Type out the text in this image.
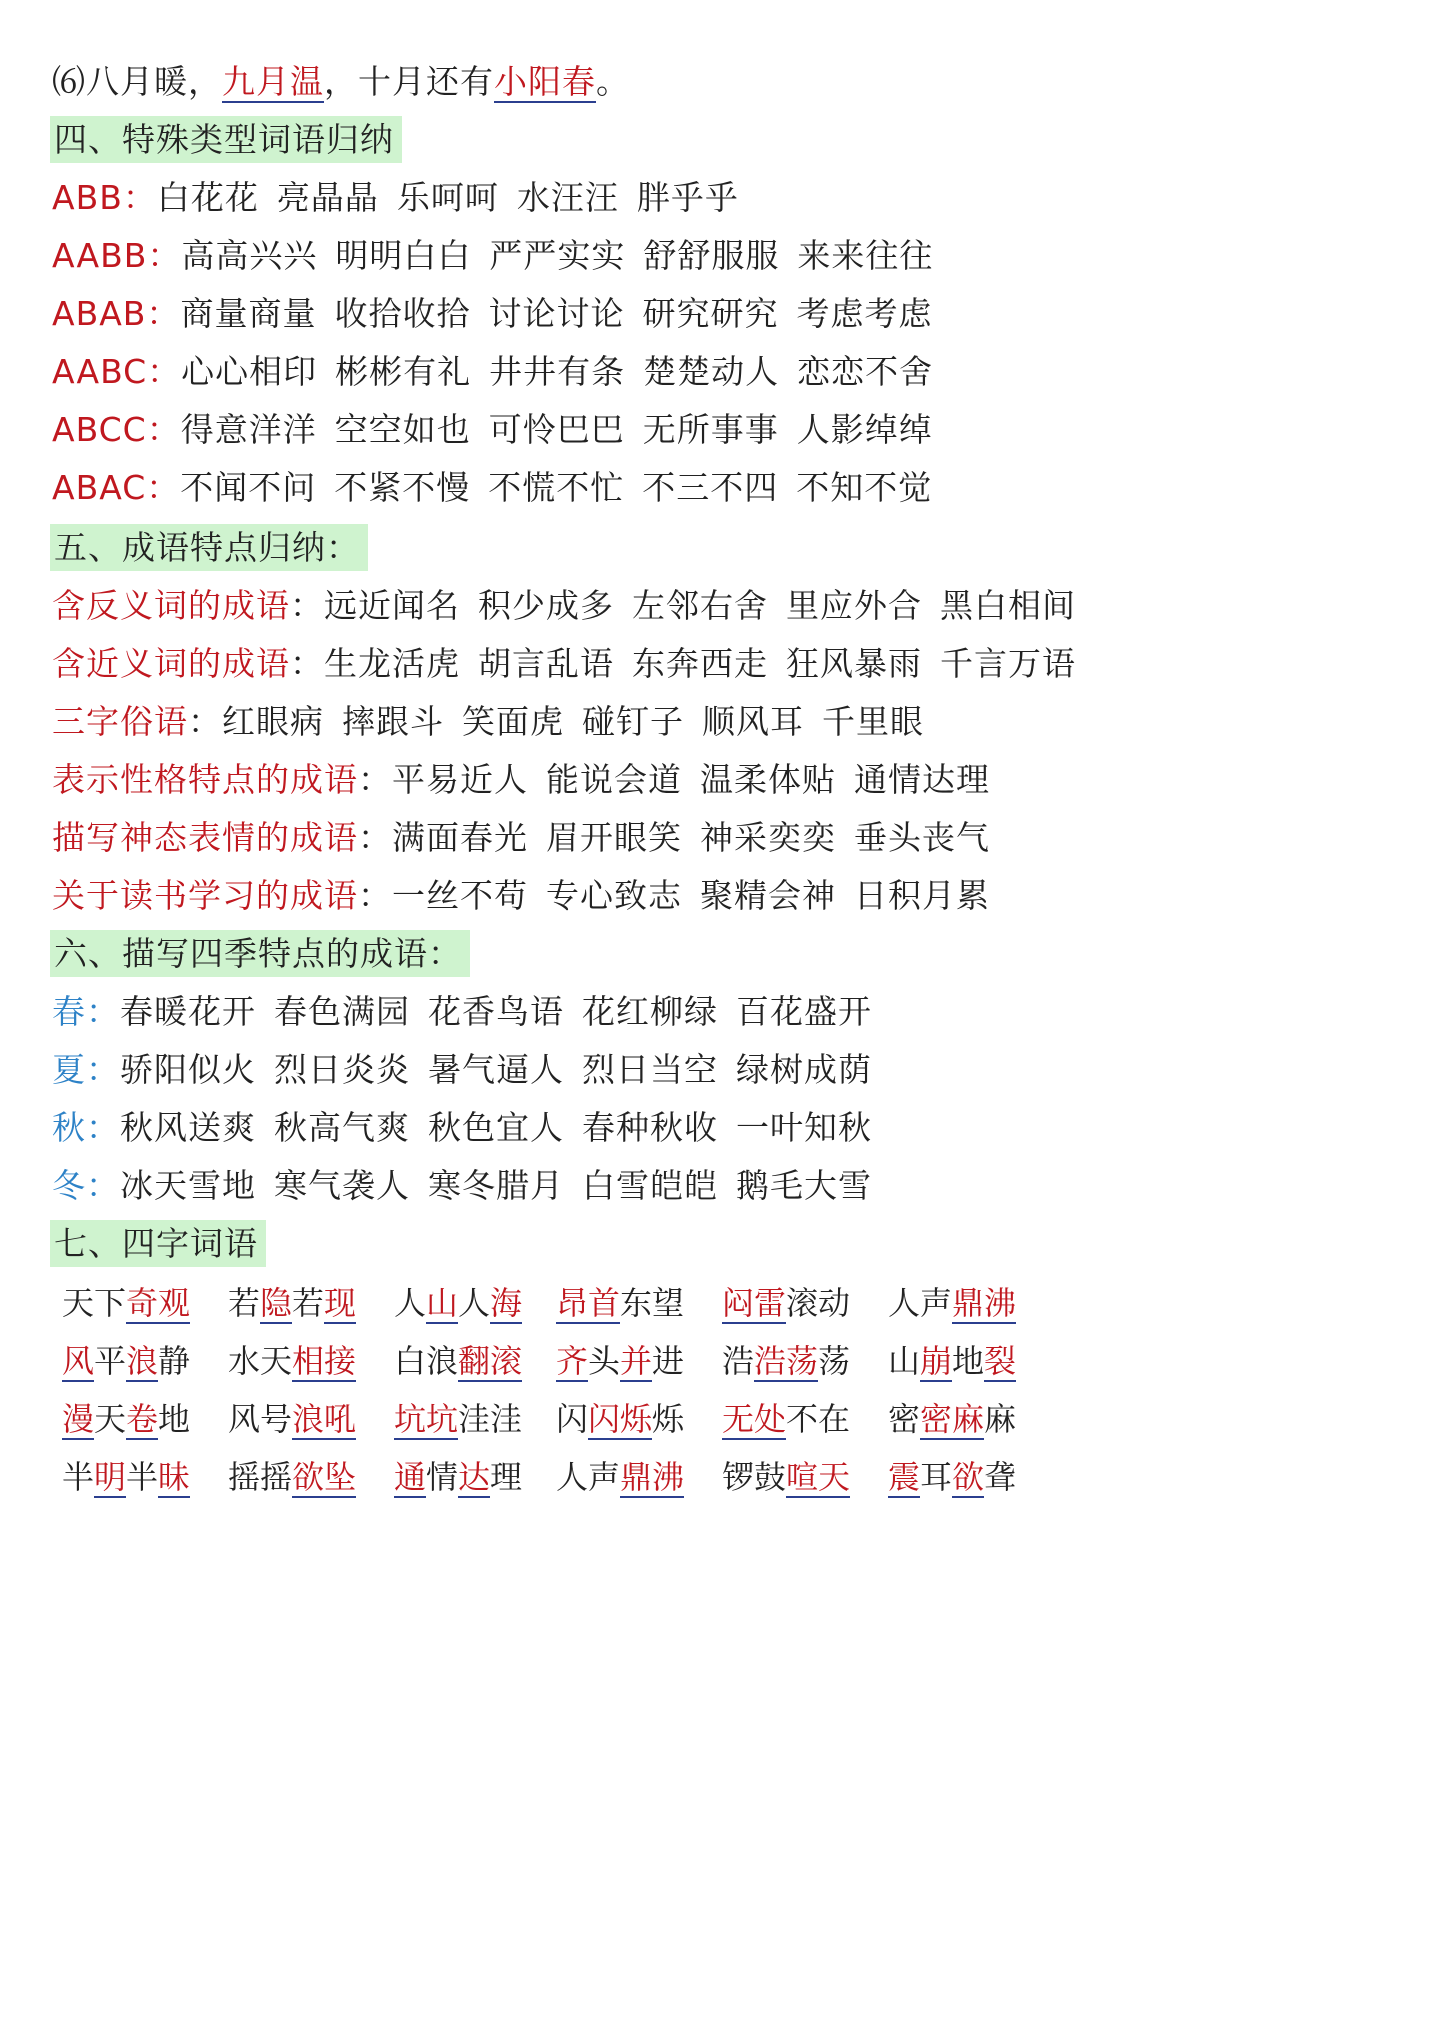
⑹八月暖，九月温，十月还有小阳春。
四、特殊类型词语归纳
ABB：白花花 亮晶晶 乐呵呵 水汪汪 胖乎乎
AABB：高高兴兴 明明白白 严严实实 舒舒服服 来来往往
ABAB：商量商量 收拾收拾 讨论讨论 研究研究 考虑考虑
AABC：心心相印 彬彬有礼 井井有条 楚楚动人 恋恋不舍
ABCC：得意洋洋 空空如也 可怜巴巴 无所事事 人影绰绰
ABAC：不闻不问 不紧不慢 不慌不忙 不三不四 不知不觉
五、成语特点归纳：
含反义词的成语：远近闻名 积少成多 左邻右舍 里应外合 黑白相间
含近义词的成语：生龙活虎 胡言乱语 东奔西走 狂风暴雨 千言万语
三字俗语：红眼病 摔跟斗 笑面虎 碰钉子 顺风耳 千里眼
表示性格特点的成语：平易近人 能说会道 温柔体贴 通情达理
描写神态表情的成语：满面春光 眉开眼笑 神采奕奕 垂头丧气
关于读书学习的成语：一丝不苟 专心致志 聚精会神 日积月累
六、描写四季特点的成语：
春：春暖花开 春色满园 花香鸟语 花红柳绿 百花盛开
夏：骄阳似火 烈日炎炎 暑气逼人 烈日当空 绿树成荫
秋：秋风送爽 秋高气爽 秋色宜人 春种秋收 一叶知秋
冬：冰天雪地 寒气袭人 寒冬腊月 白雪皑皑 鹅毛大雪
七、四字词语
天下奇观 若隐若现 人山人海 昂首东望 闷雷滚动 人声鼎沸
风平浪静 水天相接 白浪翻滚 齐头并进 浩浩荡荡 山崩地裂
漫天卷地 风号浪吼 坑坑洼洼 闪闪烁烁 无处不在 密密麻麻
半明半昧 摇摇欲坠 通情达理 人声鼎沸 锣鼓喧天 震耳欲聋
